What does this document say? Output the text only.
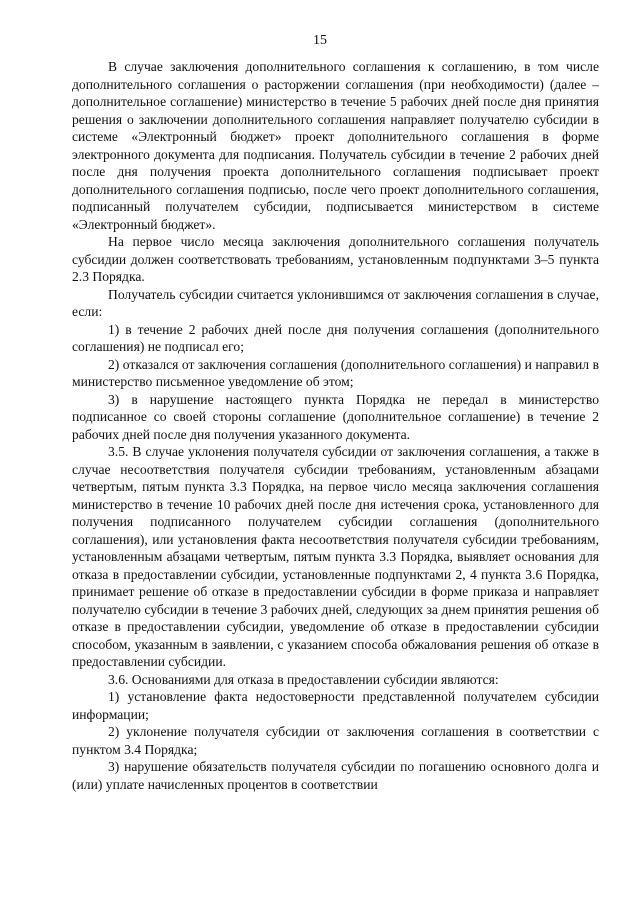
15

В случае заключения дополнительного соглашения к соглашению, в том числе дополнительного соглашения о расторжении соглашения (при необходимости) (далее – дополнительное соглашение) министерство в течение 5 рабочих дней после дня принятия решения о заключении дополнительного соглашения направляет получателю субсидии в системе «Электронный бюджет» проект дополнительного соглашения в форме электронного документа для подписания. Получатель субсидии в течение 2 рабочих дней после дня получения проекта дополнительного соглашения подписывает проект дополнительного соглашения подписью, после чего проект дополнительного соглашения, подписанный получателем субсидии, подписывается министерством в системе «Электронный бюджет».

На первое число месяца заключения дополнительного соглашения получатель субсидии должен соответствовать требованиям, установленным подпунктами 3–5 пункта 2.3 Порядка.

Получатель субсидии считается уклонившимся от заключения соглашения в случае, если:

1) в течение 2 рабочих дней после дня получения соглашения (дополнительного соглашения) не подписал его;

2) отказался от заключения соглашения (дополнительного соглашения) и направил в министерство письменное уведомление об этом;

3) в нарушение настоящего пункта Порядка не передал в министерство подписанное со своей стороны соглашение (дополнительное соглашение) в течение 2 рабочих дней после дня получения указанного документа.

3.5. В случае уклонения получателя субсидии от заключения соглашения, а также в случае несоответствия получателя субсидии требованиям, установленным абзацами четвертым, пятым пункта 3.3 Порядка, на первое число месяца заключения соглашения министерство в течение 10 рабочих дней после дня истечения срока, установленного для получения подписанного получателем субсидии соглашения (дополнительного соглашения), или установления факта несоответствия получателя субсидии требованиям, установленным абзацами четвертым, пятым пункта 3.3 Порядка, выявляет основания для отказа в предоставлении субсидии, установленные подпунктами 2, 4 пункта 3.6 Порядка, принимает решение об отказе в предоставлении субсидии в форме приказа и направляет получателю субсидии в течение 3 рабочих дней, следующих за днем принятия решения об отказе в предоставлении субсидии, уведомление об отказе в предоставлении субсидии способом, указанным в заявлении, с указанием способа обжалования решения об отказе в предоставлении субсидии.

3.6. Основаниями для отказа в предоставлении субсидии являются:

1) установление факта недостоверности представленной получателем субсидии информации;

2) уклонение получателя субсидии от заключения соглашения в соответствии с пунктом 3.4 Порядка;

3) нарушение обязательств получателя субсидии по погашению основного долга и (или) уплате начисленных процентов в соответствии
